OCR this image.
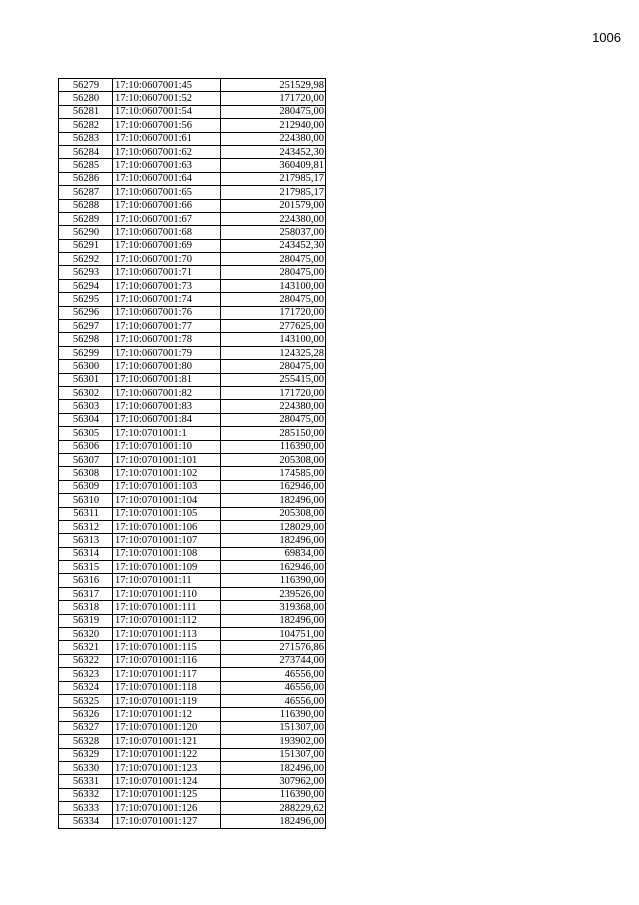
1006
56279	17:10:0607001:45	251529,98
56280	17:10:0607001:52	171720,00
56281	17:10:0607001:54	280475,00
56282	17:10:0607001:56	212940,00
56283	17:10:0607001:61	224380,00
56284	17:10:0607001:62	243452,30
56285	17:10:0607001:63	360409,81
56286	17:10:0607001:64	217985,17
56287	17:10:0607001:65	217985,17
56288	17:10:0607001:66	201579,00
56289	17:10:0607001:67	224380,00
56290	17:10:0607001:68	258037,00
56291	17:10:0607001:69	243452,30
56292	17:10:0607001:70	280475,00
56293	17:10:0607001:71	280475,00
56294	17:10:0607001:73	143100,00
56295	17:10:0607001:74	280475,00
56296	17:10:0607001:76	171720,00
56297	17:10:0607001:77	277625,00
56298	17:10:0607001:78	143100,00
56299	17:10:0607001:79	124325,28
56300	17:10:0607001:80	280475,00
56301	17:10:0607001:81	255415,00
56302	17:10:0607001:82	171720,00
56303	17:10:0607001:83	224380,00
56304	17:10:0607001:84	280475,00
56305	17:10:0701001:1	285150,00
56306	17:10:0701001:10	116390,00
56307	17:10:0701001:101	205308,00
56308	17:10:0701001:102	174585,00
56309	17:10:0701001:103	162946,00
56310	17:10:0701001:104	182496,00
56311	17:10:0701001:105	205308,00
56312	17:10:0701001:106	128029,00
56313	17:10:0701001:107	182496,00
56314	17:10:0701001:108	69834,00
56315	17:10:0701001:109	162946,00
56316	17:10:0701001:11	116390,00
56317	17:10:0701001:110	239526,00
56318	17:10:0701001:111	319368,00
56319	17:10:0701001:112	182496,00
56320	17:10:0701001:113	104751,00
56321	17:10:0701001:115	271576,86
56322	17:10:0701001:116	273744,00
56323	17:10:0701001:117	46556,00
56324	17:10:0701001:118	46556,00
56325	17:10:0701001:119	46556,00
56326	17:10:0701001:12	116390,00
56327	17:10:0701001:120	151307,00
56328	17:10:0701001:121	193902,00
56329	17:10:0701001:122	151307,00
56330	17:10:0701001:123	182496,00
56331	17:10:0701001:124	307962,00
56332	17:10:0701001:125	116390,00
56333	17:10:0701001:126	288229,62
56334	17:10:0701001:127	182496,00
